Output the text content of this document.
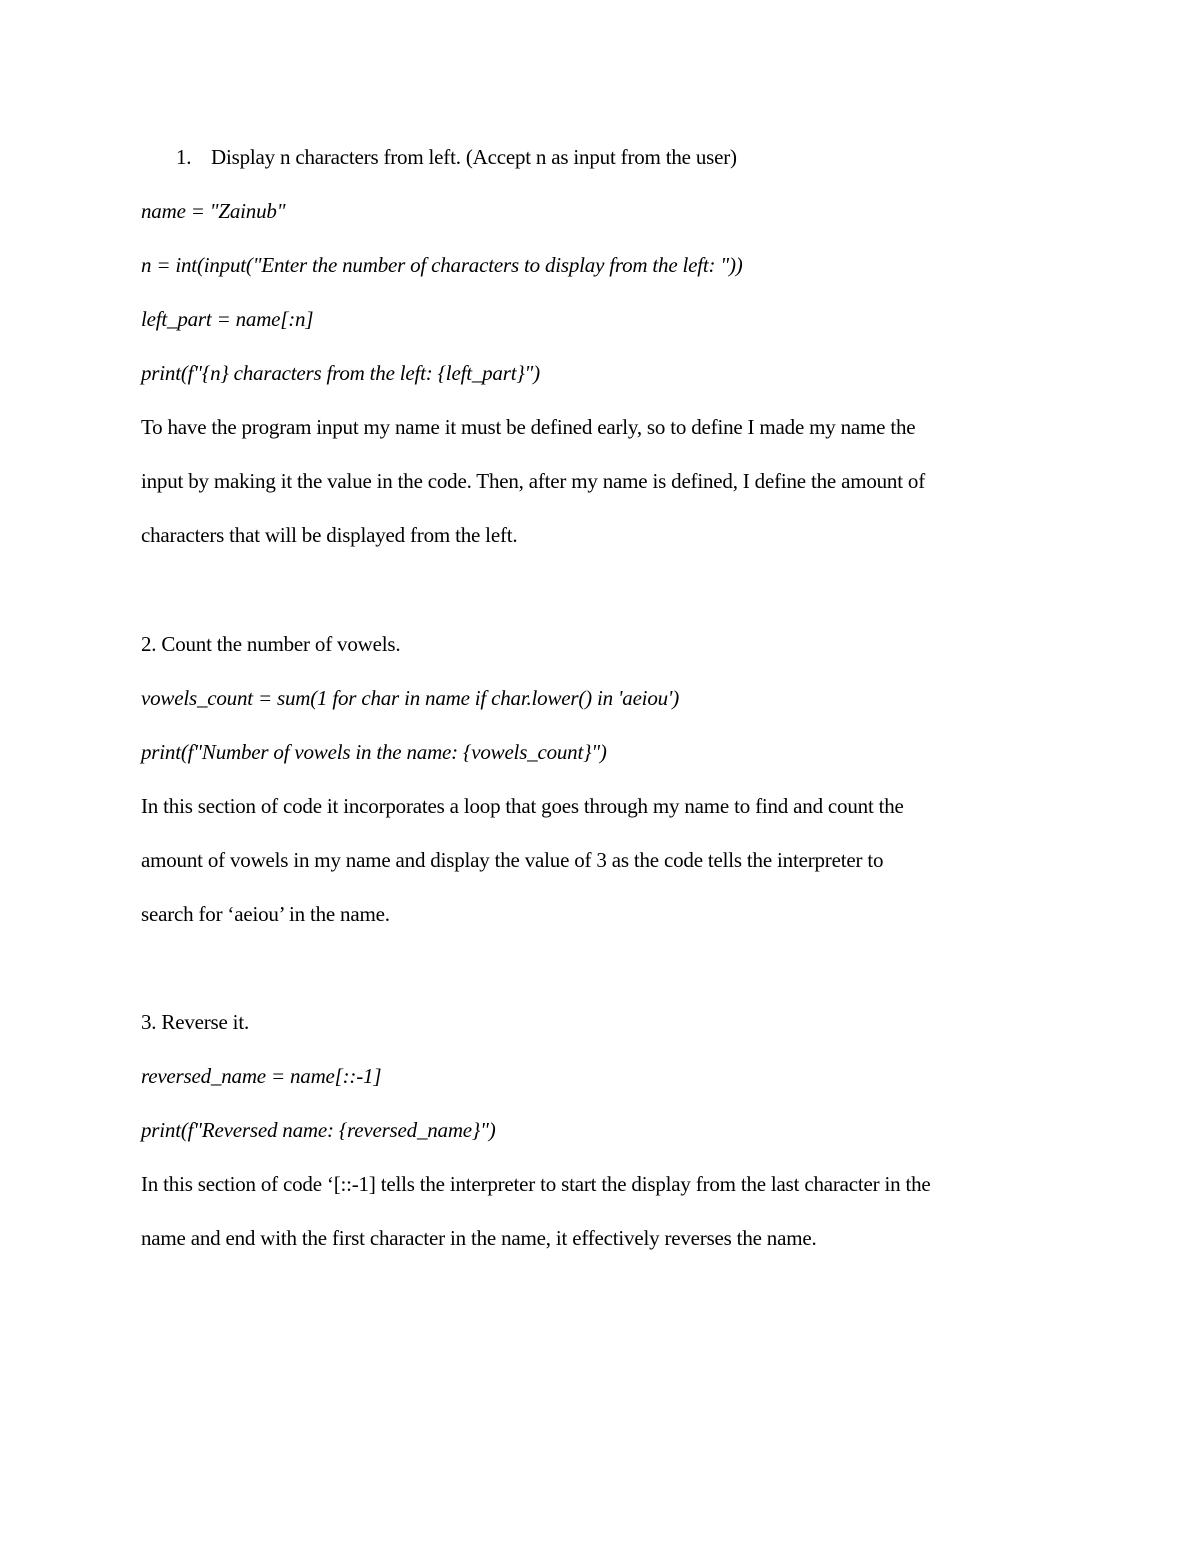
1. Display n characters from left. (Accept n as input from the user)
name = "Zainub"
n = int(input("Enter the number of characters to display from the left: "))
left_part = name[:n]
print(f"{n} characters from the left: {left_part}")
To have the program input my name it must be defined early, so to define I made my name the
input by making it the value in the code. Then, after my name is defined, I define the amount of
characters that will be displayed from the left.
2. Count the number of vowels.
vowels_count = sum(1 for char in name if char.lower() in 'aeiou')
print(f"Number of vowels in the name: {vowels_count}")
In this section of code it incorporates a loop that goes through my name to find and count the
amount of vowels in my name and display the value of 3 as the code tells the interpreter to
search for ‘aeiou’ in the name.
3. Reverse it.
reversed_name = name[::-1]
print(f"Reversed name: {reversed_name}")
In this section of code ‘[::-1] tells the interpreter to start the display from the last character in the
name and end with the first character in the name, it effectively reverses the name.
